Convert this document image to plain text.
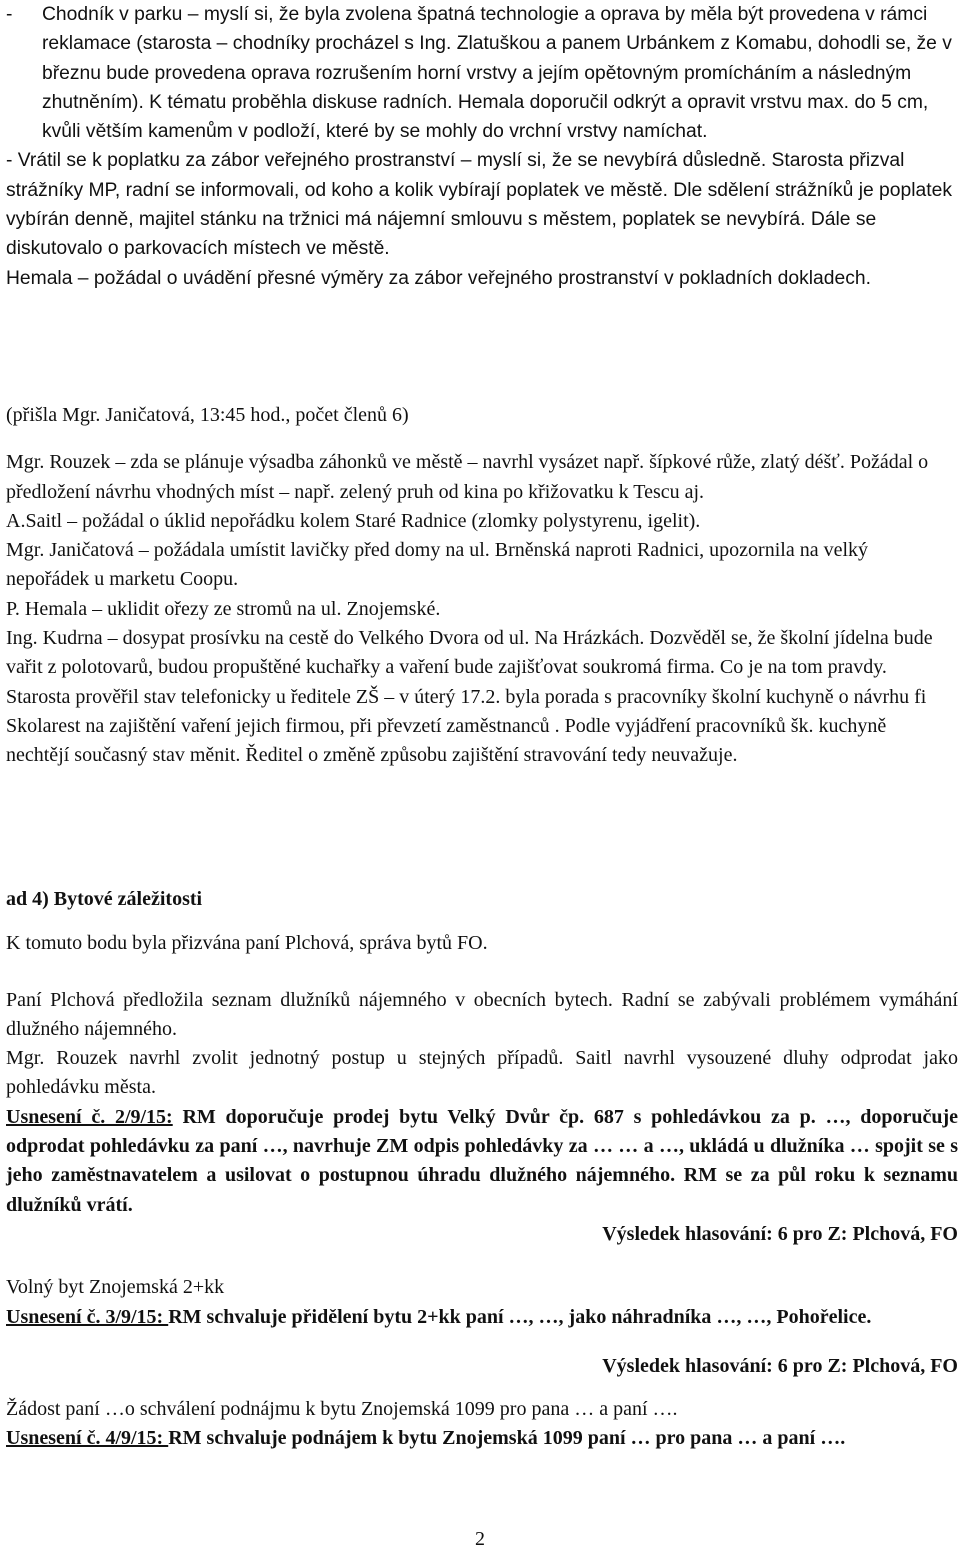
- Chodník v parku – myslí si, že byla zvolena špatná technologie a oprava by měla být provedena v rámci reklamace (starosta – chodníky procházel s Ing. Zlatuškou a panem Urbánkem z Komabu, dohodli se, že v březnu bude provedena oprava rozrušením horní vrstvy a jejím opětovným promícháním a následným zhutněním). K tématu proběhla diskuse radních. Hemala doporučil odkrýt a opravit vrstvu max. do 5 cm, kvůli větším kamenům v podloží, které by se mohly do vrchní vrstvy namíchat.

- Vrátil se k poplatku za zábor veřejného prostranství – myslí si, že se nevybírá důsledně. Starosta přizval strážníky MP, radní se informovali, od koho a kolik vybírají poplatek ve městě. Dle sdělení strážníků je poplatek vybírán denně, majitel stánku na tržnici má nájemní smlouvu s městem, poplatek se nevybírá. Dále se diskutovalo o parkovacích místech ve městě.

Hemala – požádal o uvádění přesné výměry za zábor veřejného prostranství v pokladních dokladech.

(přišla Mgr. Janičatová, 13:45 hod., počet členů 6)

Mgr. Rouzek – zda se plánuje výsadba záhonků ve městě – navrhl vysázet např. šípkové růže, zlatý déšť. Požádal o předložení návrhu vhodných míst – např. zelený pruh od kina po křižovatku k Tescu aj.

A.Saitl – požádal o úklid nepořádku kolem Staré Radnice (zlomky polystyrenu, igelit).

Mgr. Janičatová – požádala umístit lavičky před domy na ul. Brněnská naproti Radnici, upozornila na velký nepořádek u marketu Coopu.

P. Hemala – uklidit ořezy ze stromů na ul. Znojemské.

Ing. Kudrna – dosypat prosívku na cestě do Velkého Dvora od ul. Na Hrázkách. Dozvěděl se, že školní jídelna bude vařit z polotovarů, budou propuštěné kuchařky a vaření bude zajišťovat soukromá firma. Co je na tom pravdy. Starosta prověřil stav telefonicky u ředitele ZŠ – v úterý 17.2. byla porada s pracovníky školní kuchyně o návrhu fi Skolarest na zajištění vaření jejich firmou, při převzetí zaměstnanců . Podle vyjádření pracovníků šk. kuchyně nechtějí současný stav měnit. Ředitel o změně způsobu zajištění stravování tedy neuvažuje.

ad 4) Bytové záležitosti

K tomuto bodu byla přizvána paní Plchová, správa bytů FO.

Paní Plchová předložila seznam dlužníků nájemného v obecních bytech. Radní se zabývali problémem vymáhání dlužného nájemného.

Mgr. Rouzek navrhl zvolit jednotný postup u stejných případů. Saitl navrhl vysouzené dluhy odprodat jako pohledávku města.

Usnesení č. 2/9/15: RM doporučuje prodej bytu Velký Dvůr čp. 687 s pohledávkou za p. …, doporučuje odprodat pohledávku za paní …, navrhuje ZM odpis pohledávky za … … a …, ukládá u dlužníka … spojit se s jeho zaměstnavatelem a usilovat o postupnou úhradu dlužného nájemného. RM se za půl roku k seznamu dlužníků vrátí.

Výsledek hlasování: 6 pro Z: Plchová, FO

Volný byt Znojemská 2+kk

Usnesení č. 3/9/15: RM schvaluje přidělení bytu 2+kk paní …, …, jako náhradníka …, …, Pohořelice.

Výsledek hlasování: 6 pro Z: Plchová, FO

Žádost paní …o schválení podnájmu k bytu Znojemská 1099 pro pana … a paní ….

Usnesení č. 4/9/15: RM schvaluje podnájem k bytu Znojemská 1099 paní … pro pana … a paní ….

2
